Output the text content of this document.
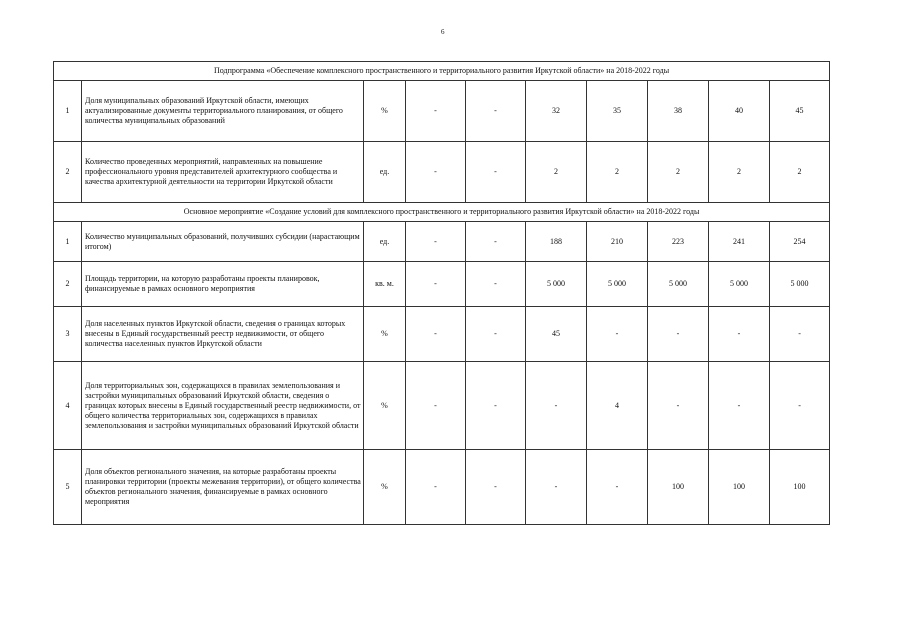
6
Подпрограмма «Обеспечение комплексного пространственного и территориального развития Иркутской области» на 2018-2022 годы									
1	Доля муниципальных образований Иркутской области, имеющих актуализированные документы территориального планирования, от общего количества муниципальных образований	%	-	-	32	35	38	40	45
2	Количество проведенных мероприятий, направленных на повышение профессионального уровня представителей архитектурного сообщества и качества архитектурной деятельности на территории Иркутской области	ед.	-	-	2	2	2	2	2
Основное мероприятие «Создание условий для комплексного пространственного и территориального развития Иркутской области» на 2018-2022 годы									
1	Количество муниципальных образований, получивших субсидии (нарастающим итогом)	ед.	-	-	188	210	223	241	254
2	Площадь территории, на которую разработаны проекты планировок, финансируемые в рамках основного мероприятия	кв. м.	-	-	5 000	5 000	5 000	5 000	5 000
3	Доля населенных пунктов Иркутской области, сведения о границах которых внесены в Единый государственный реестр недвижимости, от общего количества населенных пунктов Иркутской области	%	-	-	45	-	-	-	-
4	Доля территориальных зон, содержащихся в правилах землепользования и застройки муниципальных образований Иркутской области, сведения о границах которых внесены в Единый государственный реестр недвижимости, от общего количества территориальных зон, содержащихся в правилах землепользования и застройки муниципальных образований Иркутской области	%	-	-	-	4	-	-	-
5	Доля объектов регионального значения, на которые разработаны проекты планировки территории (проекты межевания территории), от общего количества объектов регионального значения, финансируемые в рамках основного мероприятия	%	-	-	-	-	100	100	100
